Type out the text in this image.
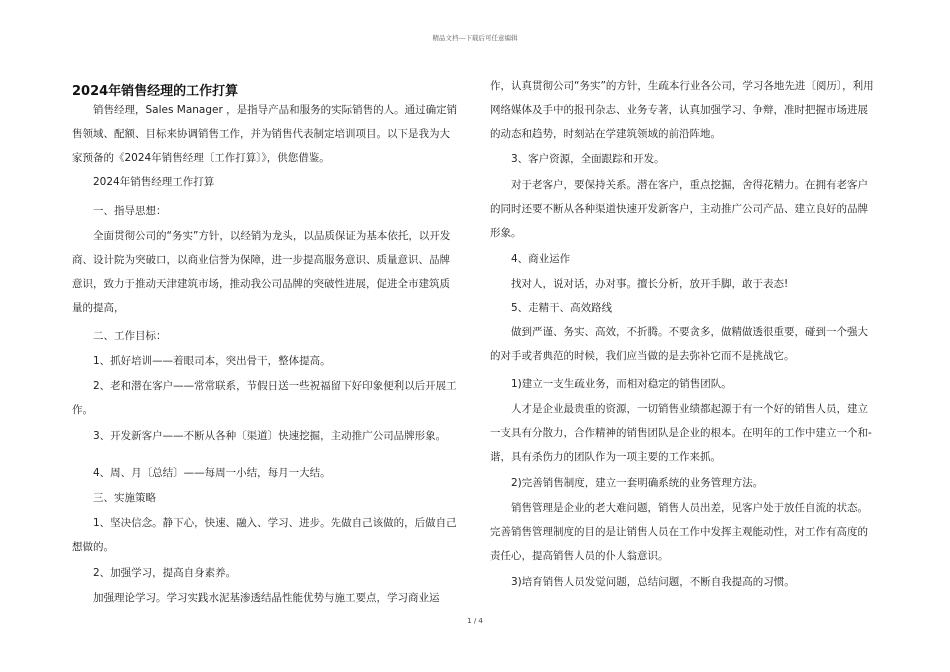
精品文档---下载后可任意编辑
2024年销售经理的工作打算
销售经理，Sales Manager ，是指导产品和服务的实际销售的人。通过确定销售领域、配额、目标来协调销售工作，并为销售代表制定培训项目。以下是我为大家预备的《2024年销售经理〔工作打算〕》，供您借鉴。
2024年销售经理工作打算
一、指导思想：
全面贯彻公司的“务实”方针，以经销为龙头，以品质保证为基本依托，以开发商、设计院为突破口，以商业信誉为保障，进一步提高服务意识、质量意识、品牌意识，致力于推动天津建筑市场，推动我公司品牌的突破性进展，促进全市建筑质量的提高，
二、工作目标：
1、抓好培训——着眼司本，突出骨干，整体提高。
2、老和潜在客户——常常联系，节假日送一些祝福留下好印象便利以后开展工作。
3、开发新客户——不断从各种〔渠道〕快速挖掘，主动推广公司品牌形象。
4、周、月〔总结〕——每周一小结，每月一大结。
三、实施策略
1、坚决信念。静下心，快速、融入、学习、进步。先做自己该做的，后做自己想做的。
2、加强学习，提高自身素养。
加强理论学习。学习实践水泥基渗透结晶性能优势与施工要点，学习商业运
作，认真贯彻公司“务实”的方针，生疏本行业各公司，学习各地先进〔阅历〕，利用网络媒体及手中的报刊杂志、业务专著，认真加强学习、争辩，准时把握市场进展的动态和趋势，时刻站在学建筑领域的前沿阵地。
3、客户资源，全面跟踪和开发。
对于老客户，要保持关系。潜在客户，重点挖掘，舍得花精力。在拥有老客户的同时还要不断从各种渠道快速开发新客户，主动推广公司产品、建立良好的品牌形象。
4、商业运作
找对人，说对话，办对事。擅长分析，放开手脚，敢于表态!
5、走精干、高效路线
做到严谨、务实、高效，不折腾。不要贪多，做精做透很重要，碰到一个强大的对手或者典范的时候，我们应当做的是去弥补它而不是挑战它。
1)建立一支生疏业务，而相对稳定的销售团队。
人才是企业最贵重的资源，一切销售业绩都起源于有一个好的销售人员，建立一支具有分散力，合作精神的销售团队是企业的根本。在明年的工作中建立一个和-谐，具有杀伤力的团队作为一项主要的工作来抓。
2)完善销售制度，建立一套明确系统的业务管理方法。
销售管理是企业的老大难问题，销售人员出差，见客户处于放任自流的状态。完善销售管理制度的目的是让销售人员在工作中发挥主观能动性，对工作有高度的责任心，提高销售人员的仆人翁意识。
3)培育销售人员发觉问题，总结问题，不断自我提高的习惯。
1 / 4
